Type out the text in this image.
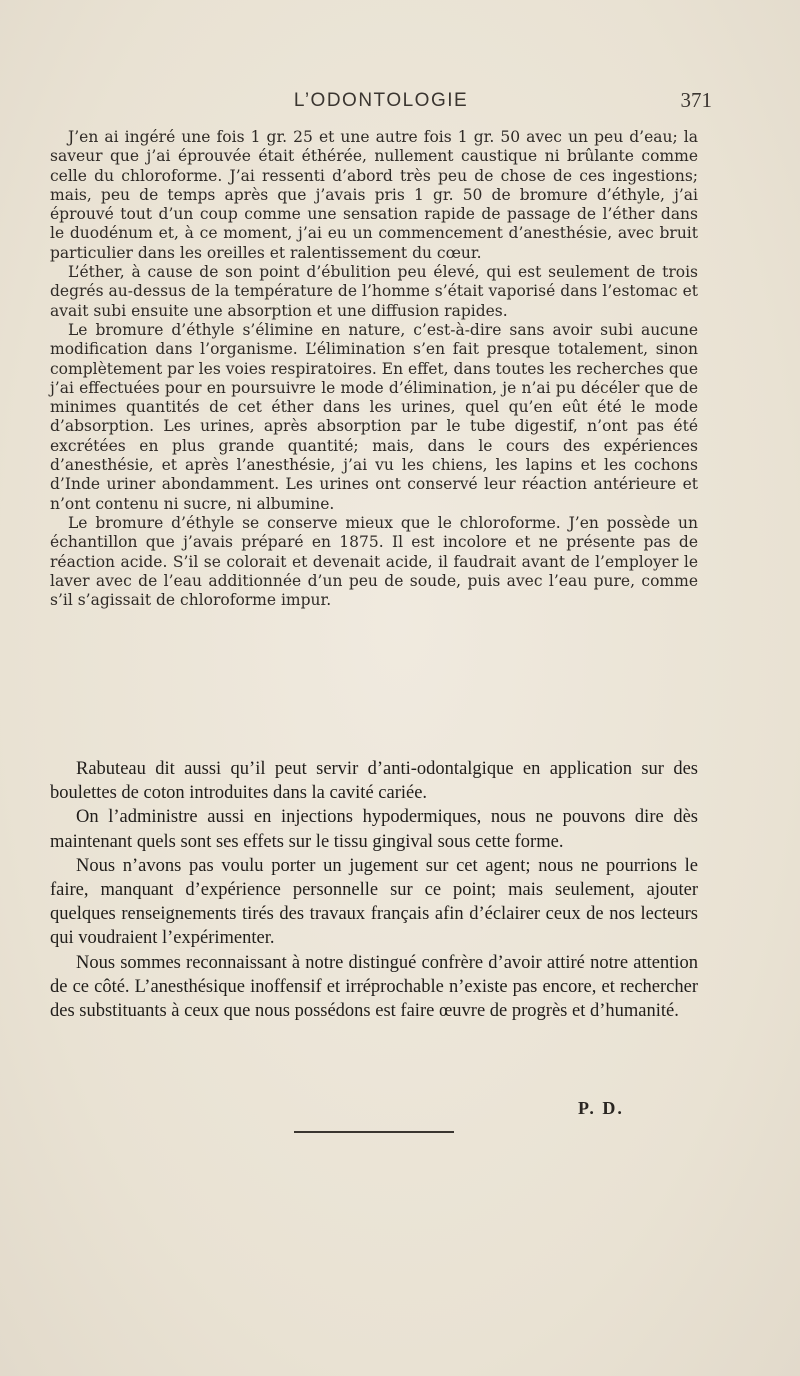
L’ODONTOLOGIE	371

J’en ai ingéré une fois 1 gr. 25 et une autre fois 1 gr. 50 avec un peu d’eau; la saveur que j’ai éprouvée était éthérée, nullement caustique ni brûlante comme celle du chloroforme. J’ai ressenti d’abord très peu de chose de ces ingestions; mais, peu de temps après que j’avais pris 1 gr. 50 de bromure d’éthyle, j’ai éprouvé tout d’un coup comme une sensation rapide de passage de l’éther dans le duodénum et, à ce moment, j’ai eu un commencement d’anesthésie, avec bruit particulier dans les oreilles et ralentissement du cœur.

L’éther, à cause de son point d’ébulition peu élevé, qui est seulement de trois degrés au-dessus de la température de l’homme s’était vaporisé dans l’estomac et avait subi ensuite une absorption et une diffusion rapides.

Le bromure d’éthyle s’élimine en nature, c’est-à-dire sans avoir subi aucune modification dans l’organisme. L’élimination s’en fait presque totalement, sinon complètement par les voies respiratoires. En effet, dans toutes les recherches que j’ai effectuées pour en poursuivre le mode d’élimination, je n’ai pu décéler que de minimes quantités de cet éther dans les urines, quel qu’en eût été le mode d’absorption. Les urines, après absorption par le tube digestif, n’ont pas été excrétées en plus grande quantité; mais, dans le cours des expériences d’anesthésie, et après l’anesthésie, j’ai vu les chiens, les lapins et les cochons d’Inde uriner abondamment. Les urines ont conservé leur réaction antérieure et n’ont contenu ni sucre, ni albumine.

Le bromure d’éthyle se conserve mieux que le chloroforme. J’en possède un échantillon que j’avais préparé en 1875. Il est incolore et ne présente pas de réaction acide. S’il se colorait et devenait acide, il faudrait avant de l’employer le laver avec de l’eau additionnée d’un peu de soude, puis avec l’eau pure, comme s’il s’agissait de chloroforme impur.

Rabuteau dit aussi qu’il peut servir d’anti-odontalgique en application sur des boulettes de coton introduites dans la cavité cariée.

On l’administre aussi en injections hypodermiques, nous ne pouvons dire dès maintenant quels sont ses effets sur le tissu gingival sous cette forme.

Nous n’avons pas voulu porter un jugement sur cet agent; nous ne pourrions le faire, manquant d’expérience personnelle sur ce point; mais seulement, ajouter quelques renseignements tirés des travaux français afin d’éclairer ceux de nos lecteurs qui voudraient l’expérimenter.

Nous sommes reconnaissant à notre distingué confrère d’avoir attiré notre attention de ce côté. L’anesthésique inoffensif et irréprochable n’existe pas encore, et rechercher des substituants à ceux que nous possédons est faire œuvre de progrès et d’humanité.

P. D.
